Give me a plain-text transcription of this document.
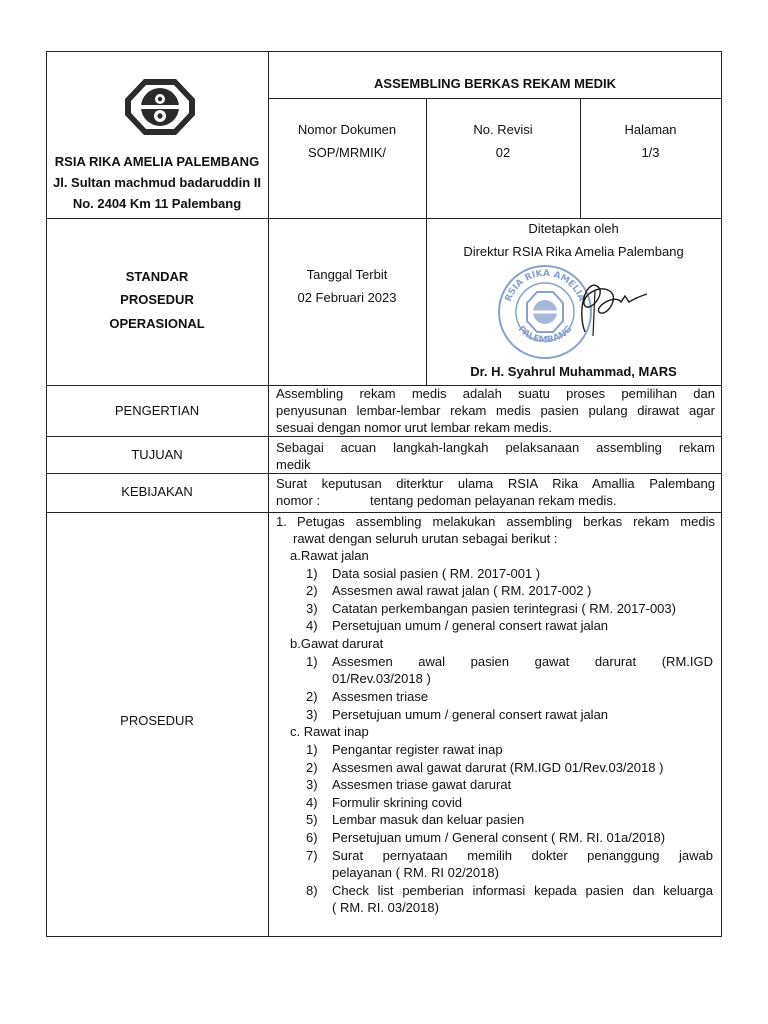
RSIA RIKA AMELIA PALEMBANG
Jl. Sultan machmud badaruddin II
No. 2404 Km 11 Palembang
ASSEMBLING BERKAS REKAM MEDIK
Nomor Dokumen
SOP/MRMIK/
No. Revisi
02
Halaman
1/3
STANDAR
PROSEDUR
OPERASIONAL
Tanggal Terbit
02 Februari 2023
Ditetapkan oleh
Direktur RSIA Rika Amelia Palembang
RSIA RIKA AMELIA
PALEMBANG
Dr. H. Syahrul Muhammad, MARS
PENGERTIAN
Assembling rekam medis adalah suatu proses pemilihan dan
penyusunan lembar-lembar rekam medis pasien pulang dirawat agar
sesuai dengan nomor urut lembar rekam medis.
TUJUAN	Sebagai acuan langkah-langkah pelaksanaan assembling rekam
medik
KEBIJAKAN
Surat keputusan diterktur ulama RSIA Rika Amallia Palembang
nomor :	tentang pedoman pelayanan rekam medis.
PROSEDUR
1. Petugas assembling melakukan assembling berkas rekam medis
rawat dengan seluruh urutan sebagai berikut :
a.Rawat jalan
1) Data sosial pasien ( RM. 2017-001 )
2) Assesmen awal rawat jalan ( RM. 2017-002 )
3) Catatan perkembangan pasien terintegrasi ( RM. 2017-003)
4) Persetujuan umum / general consert rawat jalan
b.Gawat darurat
1) Assesmen awal pasien gawat darurat (RM.IGD
01/Rev.03/2018 )
2) Assesmen triase
3) Persetujuan umum / general consert rawat jalan
c. Rawat inap
1) Pengantar register rawat inap
2) Assesmen awal gawat darurat (RM.IGD 01/Rev.03/2018 )
3) Assesmen triase gawat darurat
4) Formulir skrining covid
5) Lembar masuk dan keluar pasien
6) Persetujuan umum / General consent ( RM. RI. 01a/2018)
7) Surat pernyataan memilih dokter penanggung jawab
pelayanan ( RM. RI 02/2018)
8) Check list pemberian informasi kepada pasien dan keluarga
( RM. RI. 03/2018)
